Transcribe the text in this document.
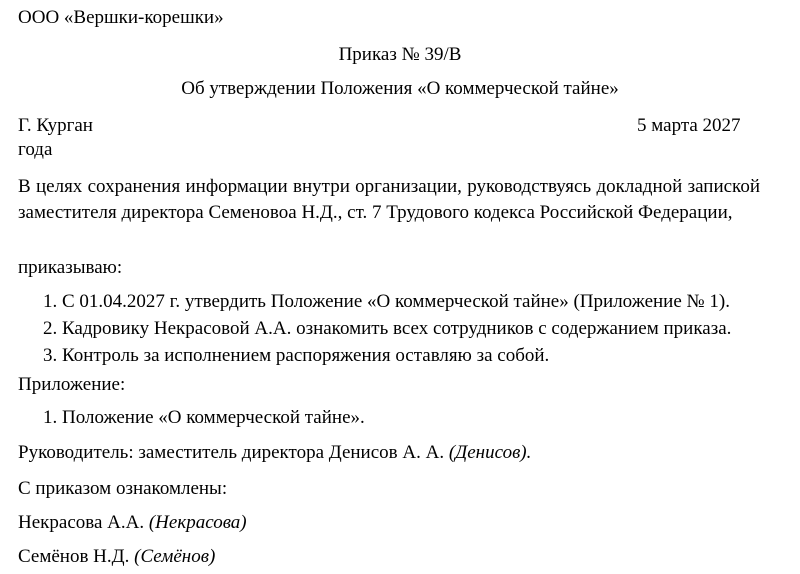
ООО «Вершки-корешки»
Приказ № 39/В
Об утверждении Положения «О коммерческой тайне»
Г. Курган	5 марта 2027
года

В целях сохранения информации внутри организации, руководствуясь докладной запиской заместителя директора Семеновоа Н.Д., ст. 7 Трудового кодекса Российской Федерации,

приказываю:
1. С 01.04.2027 г. утвердить Положение «О коммерческой тайне» (Приложение № 1).
2. Кадровику Некрасовой А.А. ознакомить всех сотрудников с содержанием приказа.
3. Контроль за исполнением распоряжения оставляю за собой.
Приложение:
1. Положение «О коммерческой тайне».
Руководитель: заместитель директора Денисов А. А. (Денисов).
С приказом ознакомлены:
Некрасова А.А. (Некрасова)
Семёнов Н.Д. (Семёнов)
